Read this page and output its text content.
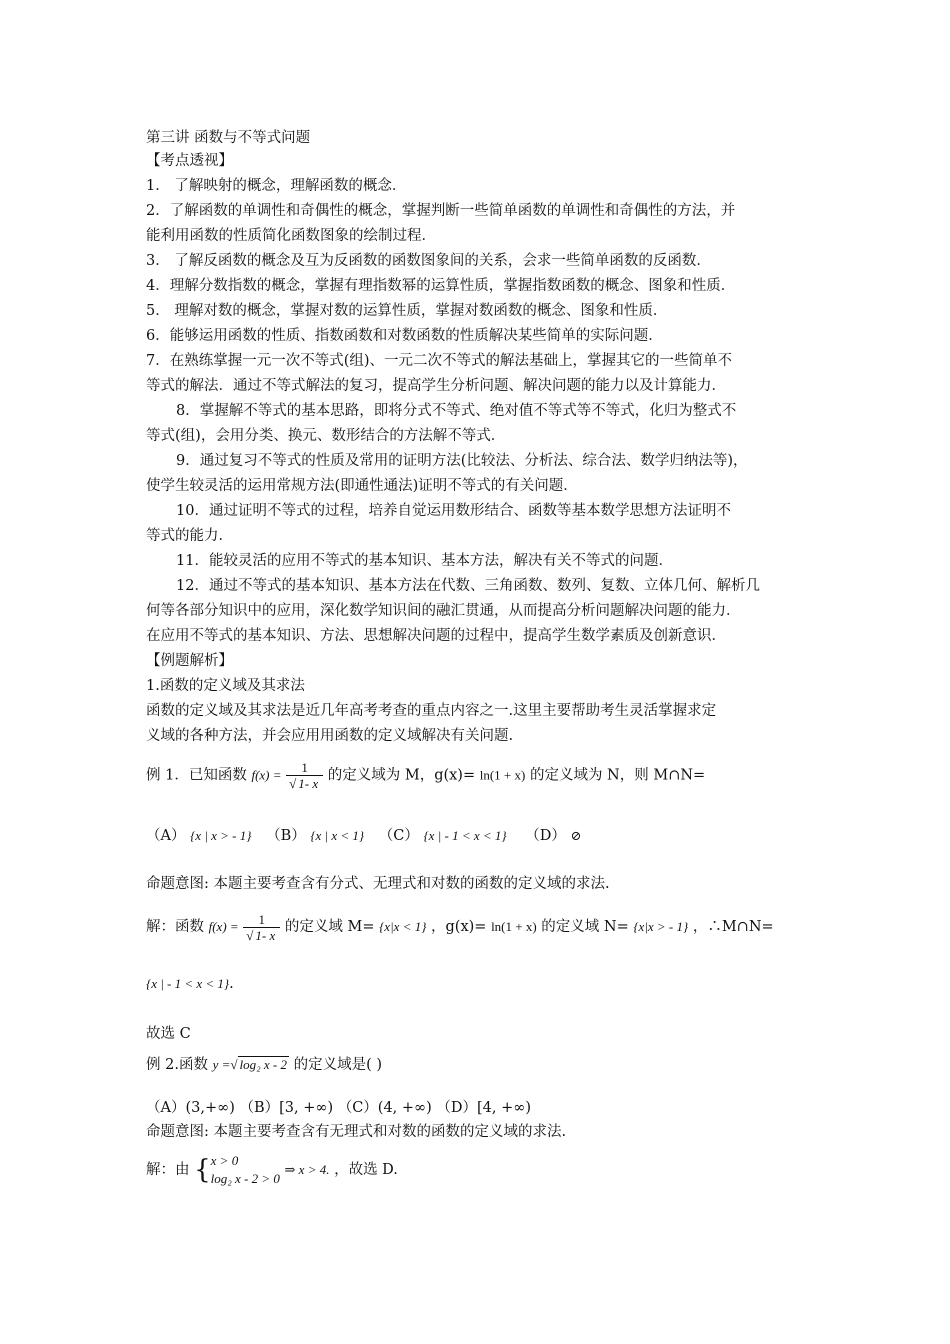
第三讲 函数与不等式问题
【考点透视】
1． 了解映射的概念，理解函数的概念．
2．了解函数的单调性和奇偶性的概念，掌握判断一些简单函数的单调性和奇偶性的方法，并
能利用函数的性质简化函数图象的绘制过程．
3． 了解反函数的概念及互为反函数的函数图象间的关系，会求一些简单函数的反函数．
4．理解分数指数的概念，掌握有理指数幂的运算性质，掌握指数函数的概念、图象和性质．
5． 理解对数的概念，掌握对数的运算性质，掌握对数函数的概念、图象和性质．
6．能够运用函数的性质、指数函数和对数函数的性质解决某些简单的实际问题．
7．在熟练掌握一元一次不等式(组)、一元二次不等式的解法基础上，掌握其它的一些简单不
等式的解法．通过不等式解法的复习，提高学生分析问题、解决问题的能力以及计算能力．
8．掌握解不等式的基本思路，即将分式不等式、绝对值不等式等不等式，化归为整式不
等式(组)，会用分类、换元、数形结合的方法解不等式．
9．通过复习不等式的性质及常用的证明方法(比较法、分析法、综合法、数学归纳法等)，
使学生较灵活的运用常规方法(即通性通法)证明不等式的有关问题．
10．通过证明不等式的过程，培养自觉运用数形结合、函数等基本数学思想方法证明不
等式的能力．
11．能较灵活的应用不等式的基本知识、基本方法，解决有关不等式的问题．
12．通过不等式的基本知识、基本方法在代数、三角函数、数列、复数、立体几何、解析几
何等各部分知识中的应用，深化数学知识间的融汇贯通，从而提高分析问题解决问题的能力．
在应用不等式的基本知识、方法、思想解决问题的过程中，提高学生数学素质及创新意识．
【例题解析】
1.函数的定义域及其求法
函数的定义域及其求法是近几年高考考查的重点内容之一.这里主要帮助考生灵活掌握求定
义域的各种方法，并会应用用函数的定义域解决有关问题.
例 1．已知函数 $f(x) = \frac{1}{√ 1- x}$ 的定义域为 M，g(x)= ln(1 + x) 的定义域为 N，则 M∩N=
（A） {x | x > - 1} （B） {x | x < 1} （C） {x | - 1 < x < 1} （D） ⊘
命题意图: 本题主要考查含有分式、无理式和对数的函数的定义域的求法.
解：函数 $f(x) = \frac{1}{√ 1- x}$ 的定义域 M= {x|x < 1} ，g(x)= ln(1 + x) 的定义域 N= {x|x > - 1} ，∴M∩N=
{x | - 1 < x < 1}.
故选 C
例 2.函数 y =√ log₂ x - 2 的定义域是( )
（A）(3,+∞) （B）[3, +∞) （C）(4, +∞) （D）[4, +∞)
命题意图: 本题主要考查含有无理式和对数的函数的定义域的求法.
解：由 { x > 0
log₂ x - 2 > 0
⇒ x > 4. ，故选 D.
